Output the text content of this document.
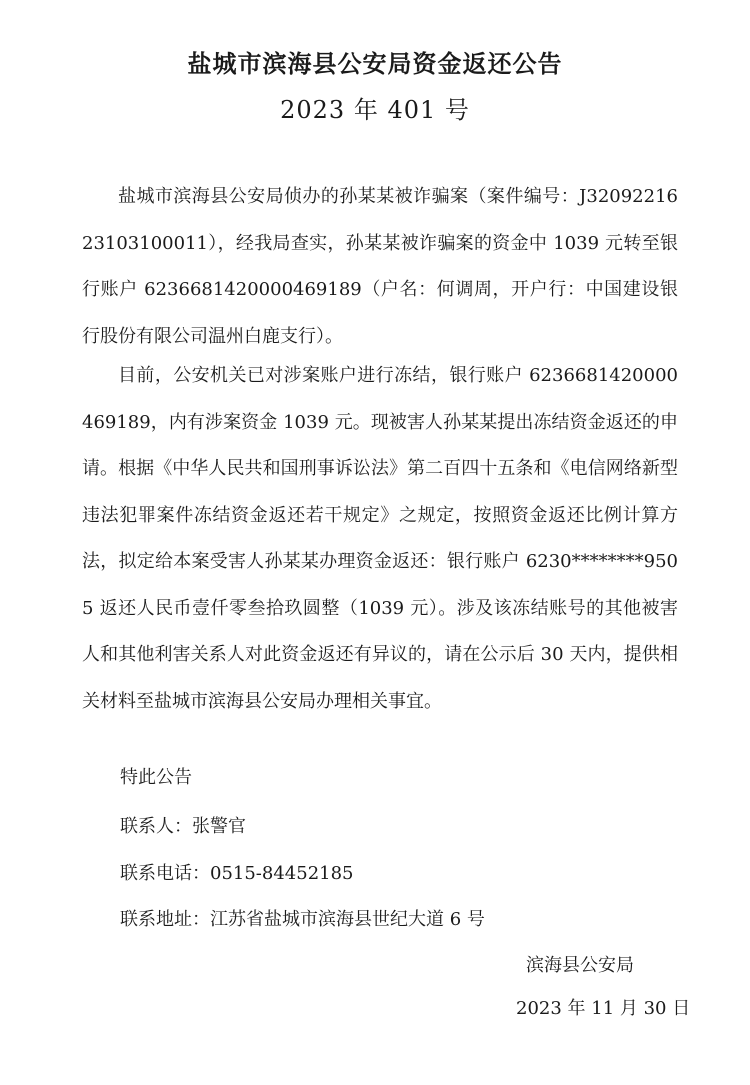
盐城市滨海县公安局资金返还公告
2023 年 401 号
盐城市滨海县公安局侦办的孙某某被诈骗案（案件编号：J3209221623103100011），经我局查实，孙某某被诈骗案的资金中 1039 元转至银行账户 6236681420000469189（户名：何调周，开户行：中国建设银行股份有限公司温州白鹿支行）。
目前，公安机关已对涉案账户进行冻结，银行账户 6236681420000469189，内有涉案资金 1039 元。现被害人孙某某提出冻结资金返还的申请。根据《中华人民共和国刑事诉讼法》第二百四十五条和《电信网络新型违法犯罪案件冻结资金返还若干规定》之规定，按照资金返还比例计算方法，拟定给本案受害人孙某某办理资金返还：银行账户 6230********9505 返还人民币壹仟零叁拾玖圆整（1039 元）。涉及该冻结账号的其他被害人和其他利害关系人对此资金返还有异议的，请在公示后 30 天内，提供相关材料至盐城市滨海县公安局办理相关事宜。
特此公告
联系人：张警官
联系电话：0515-84452185
联系地址：江苏省盐城市滨海县世纪大道 6 号
滨海县公安局
2023 年 11 月 30 日
